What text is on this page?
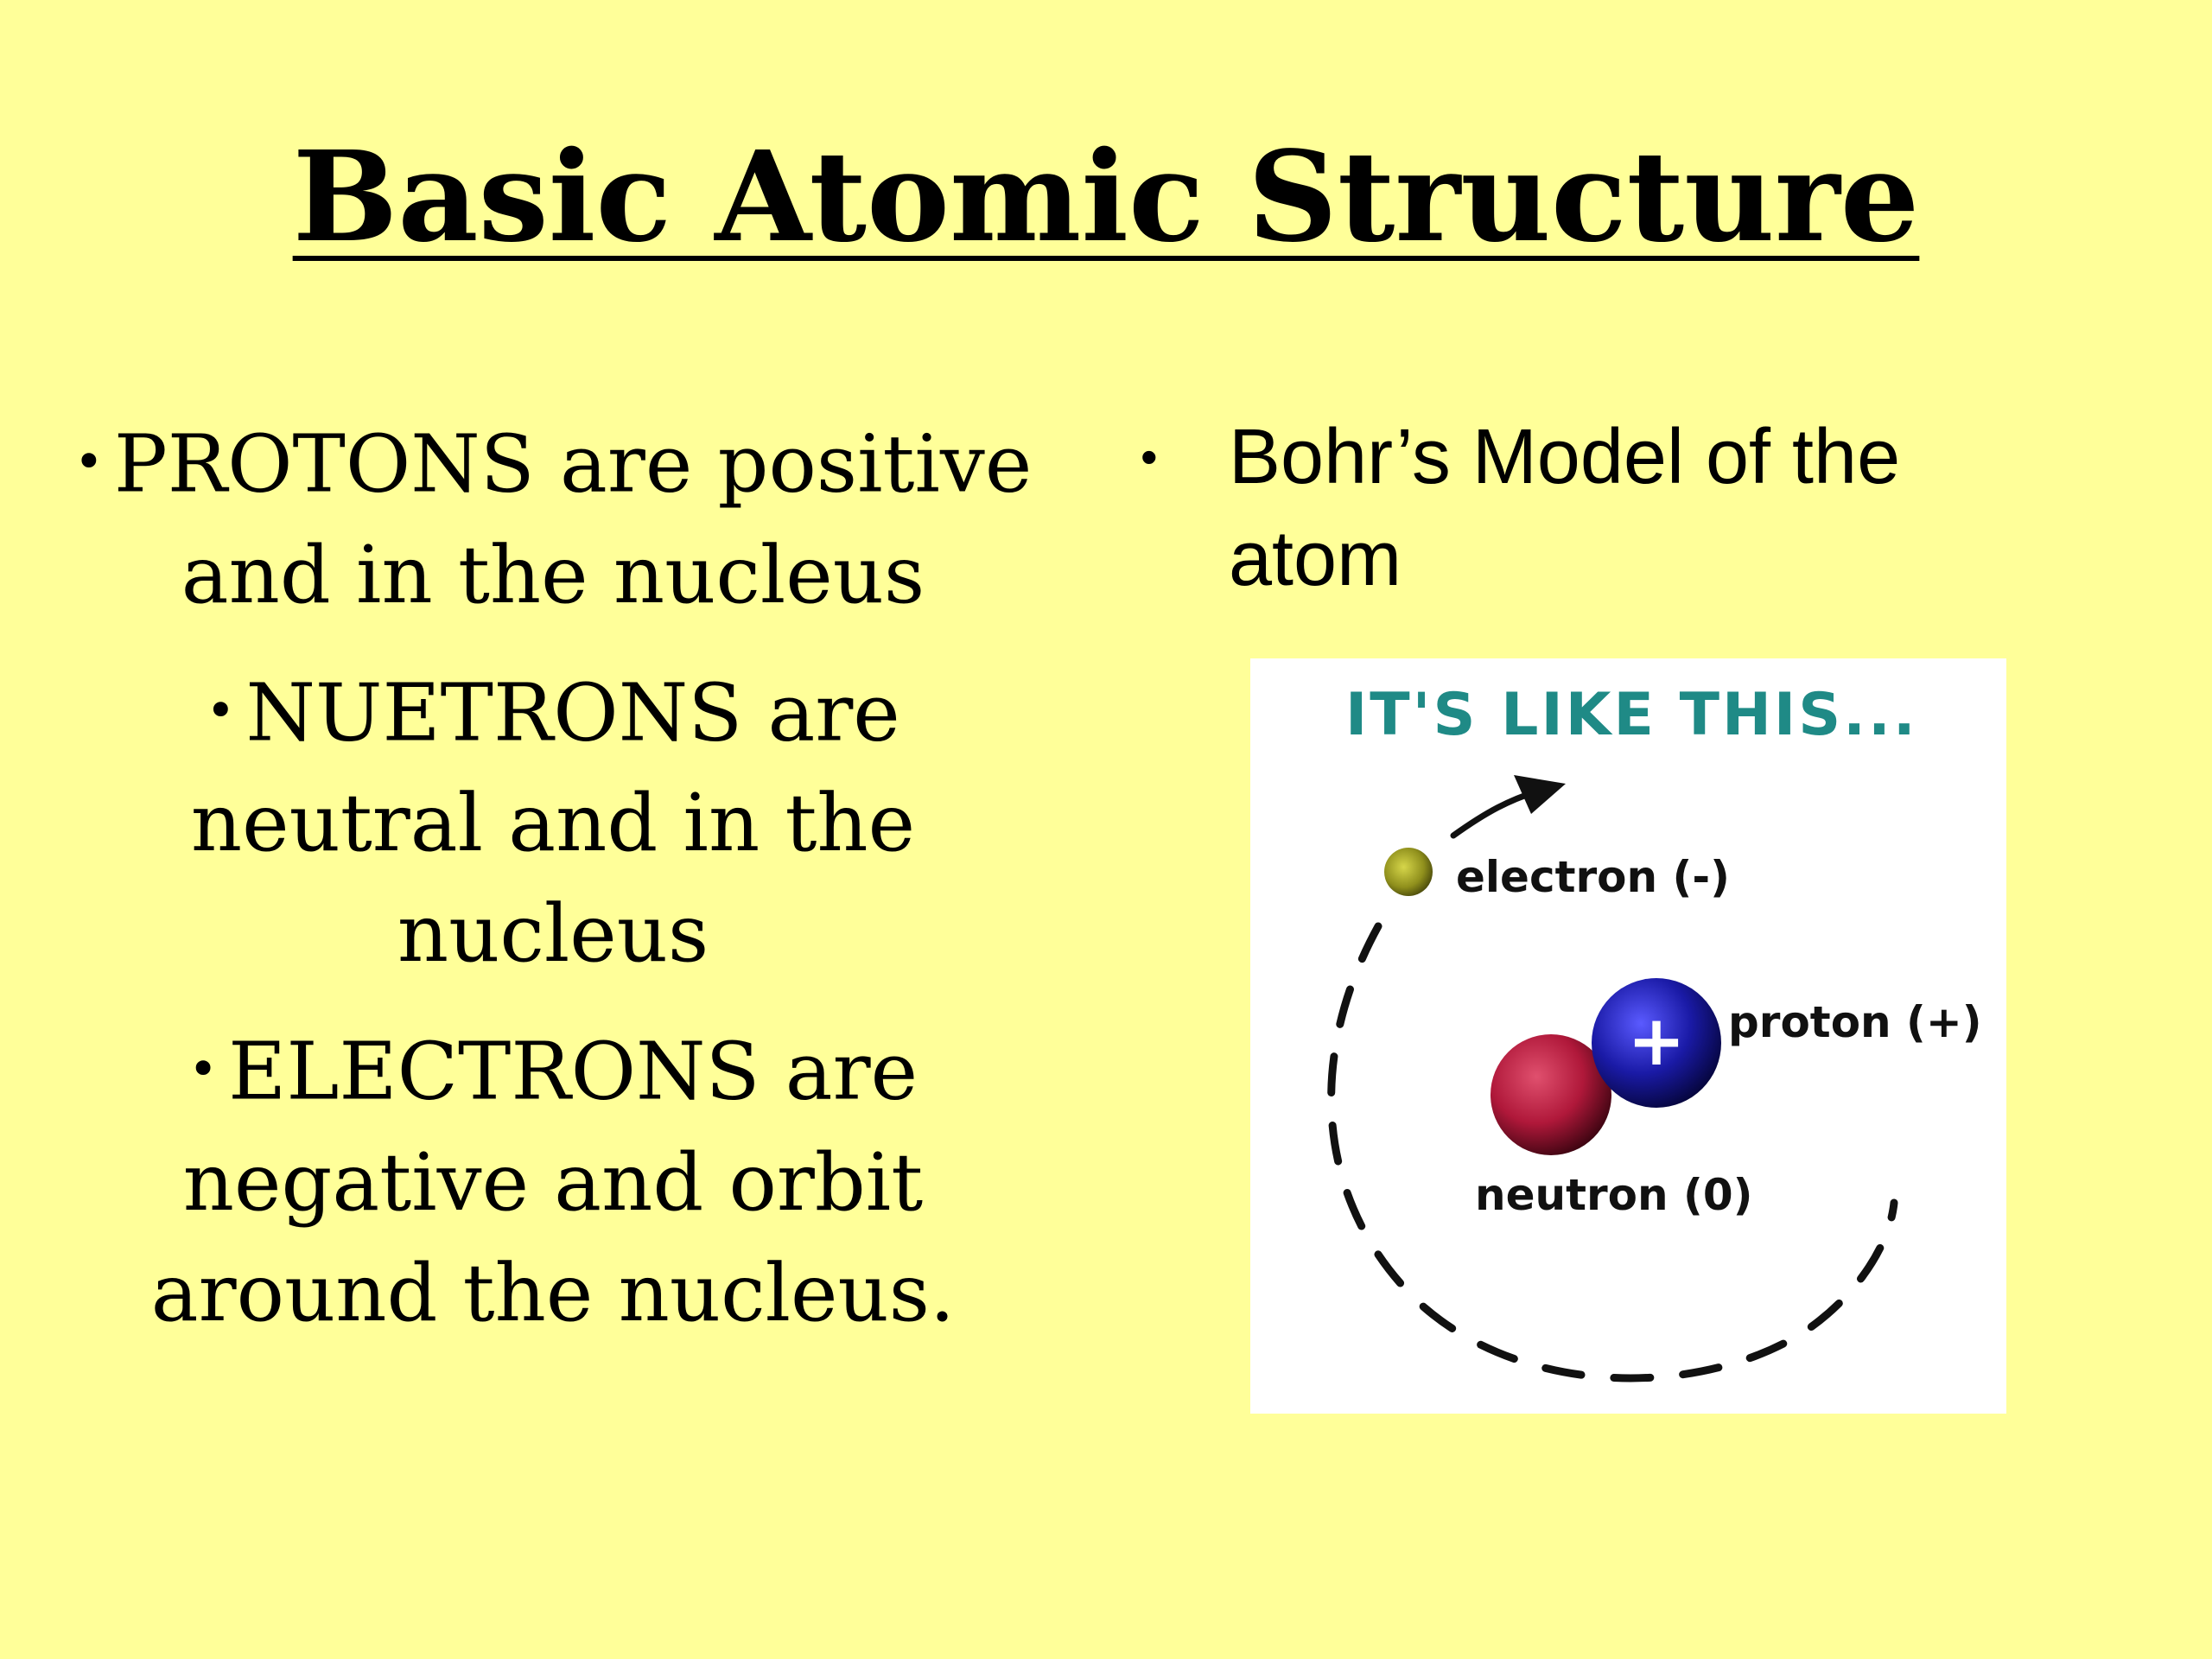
Basic Atomic Structure
• PROTONS are positive and in the nucleus
• NUETRONS are neutral and in the nucleus
• ELECTRONS are negative and orbit around the nucleus.
• Bohr’s Model of the atom
IT'S LIKE THIS...
electron (-)
+ proton (+)
neutron (0)
